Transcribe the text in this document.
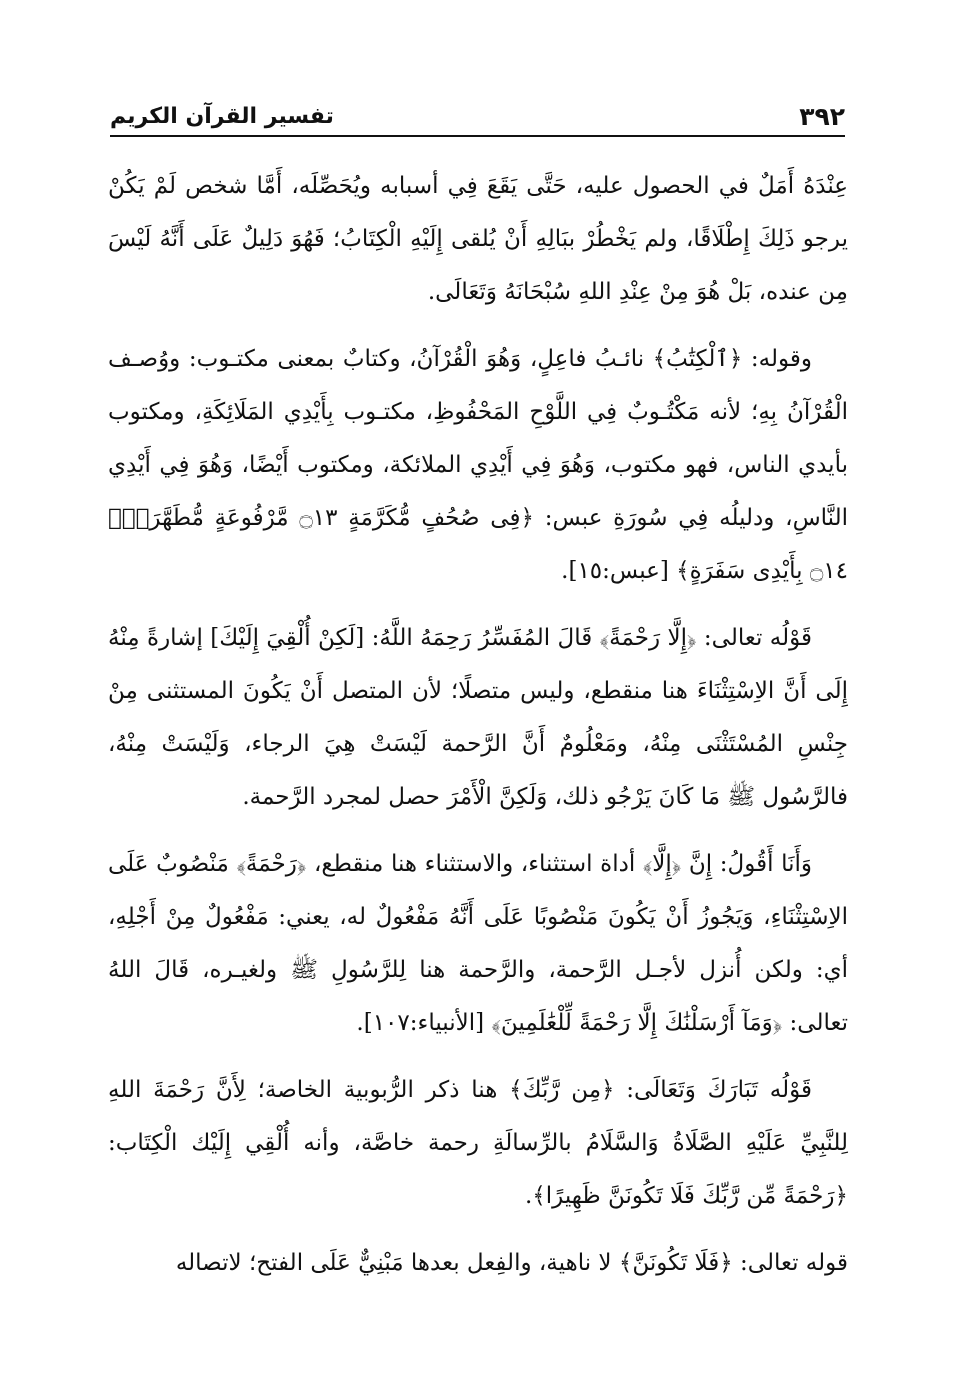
٣٩٢
تفسير القرآن الكريم

عِنْدَهُ أَمَلٌ في الحصول عليه، حَتَّى يَقَعَ فِي أسبابه ويُحَصِّلَه، أَمَّا شخص لَمْ يَكُنْ يرجو ذَلِكَ إِطْلَاقًا، ولم يَخْطُرْ ببَالِهِ أَنْ يُلقى إِلَيْهِ الْكِتَابُ؛ فَهُوَ دَلِيلٌ عَلَى أَنَّهُ لَيْسَ مِن عنده، بَلْ هُوَ مِنْ عِنْدِ اللهِ سُبْحَانَهُ وَتَعَالَى.

وقوله: ﴿ٱلْكِتَٰبُ﴾ نائـبُ فاعِلٍ، وَهُوَ الْقُرْآنُ، وكتابٌ بمعنى مكتـوب: ووُصـف الْقُرْآنُ بِهِ؛ لأنه مَكْتُـوبٌ فِي اللَّوْحِ المَحْفُوظِ، مكتـوب بِأَيْدِي المَلَائِكَةِ، ومكتوب بأيدي الناس، فهو مكتوب، وَهُوَ فِي أَيْدِي الملائكة، ومكتوب أَيْضًا، وَهُوَ فِي أَيْدِي النَّاسِ، ودليلُه فِي سُورَةِ عبس: ﴿فِى صُحُفٍ مُّكَرَّمَةٍ ۝١٣ مَّرْفُوعَةٍ مُّطَهَّرَةٍۭ ۝١٤ بِأَيْدِى سَفَرَةٍ﴾ [عبس:١٥].

قَوْلُه تعالى: ﴿إِلَّا رَحْمَةً﴾ قَالَ المُفَسِّرُ رَحِمَهُ اللَّهُ: [لَكِنْ أُلْقِيَ إِلَيْكَ] إشارةً مِنْهُ إِلَى أَنَّ الاِسْتِثْنَاءَ هنا منقطع، وليس متصلًا؛ لأن المتصل أَنْ يَكُونَ المستثنى مِنْ جِنْسِ المُسْتَثْنَى مِنْهُ، ومَعْلُومٌ أَنَّ الرَّحمة لَيْسَتْ هِيَ الرجاء، وَلَيْسَتْ مِنْهُ، فالرَّسُول ﷺ مَا كَانَ يَرْجُو ذلك، وَلَكِنَّ الْأَمْرَ حصل لمجرد الرَّحمة.

وَأَنَا أَقُولُ: إِنَّ ﴿إِلَّا﴾ أداة استثناء، والاستثناء هنا منقطع، ﴿رَحْمَةً﴾ مَنْصُوبٌ عَلَى الاِسْتِثْنَاءِ، وَيَجُوزُ أَنْ يَكُونَ مَنْصُوبًا عَلَى أَنَّهُ مَفْعُولٌ له، يعني: مَفْعُولٌ مِنْ أَجْلِهِ، أي: ولكن أُنزل لأجـل الرَّحمة، والرَّحمة هنا لِلرَّسُولِ ﷺ ولغيـره، قَالَ اللهُ تعالى: ﴿وَمَآ أَرْسَلْنَٰكَ إِلَّا رَحْمَةً لِّلْعَٰلَمِينَ﴾ [الأنبياء:١٠٧].

قَوْلُه تَبَارَكَ وَتَعَالَى: ﴿مِن رَّبِّكَ﴾ هنا ذكر الرُّبوبية الخاصة؛ لِأَنَّ رَحْمَةَ اللهِ لِلنَّبِيِّ عَلَيْهِ الصَّلَاةُ وَالسَّلَامُ بالرِّسالَةِ رحمة خاصَّة، وأنه أُلْقِي إِلَيْك الْكِتَاب: ﴿رَحْمَةً مِّن رَّبِّكَ فَلَا تَكُونَنَّ ظَهِيرًا﴾.

قوله تعالى: ﴿فَلَا تَكُونَنَّ﴾ لا ناهية، والفِعل بعدها مَبْنِيٌّ عَلَى الفتح؛ لاتصاله
